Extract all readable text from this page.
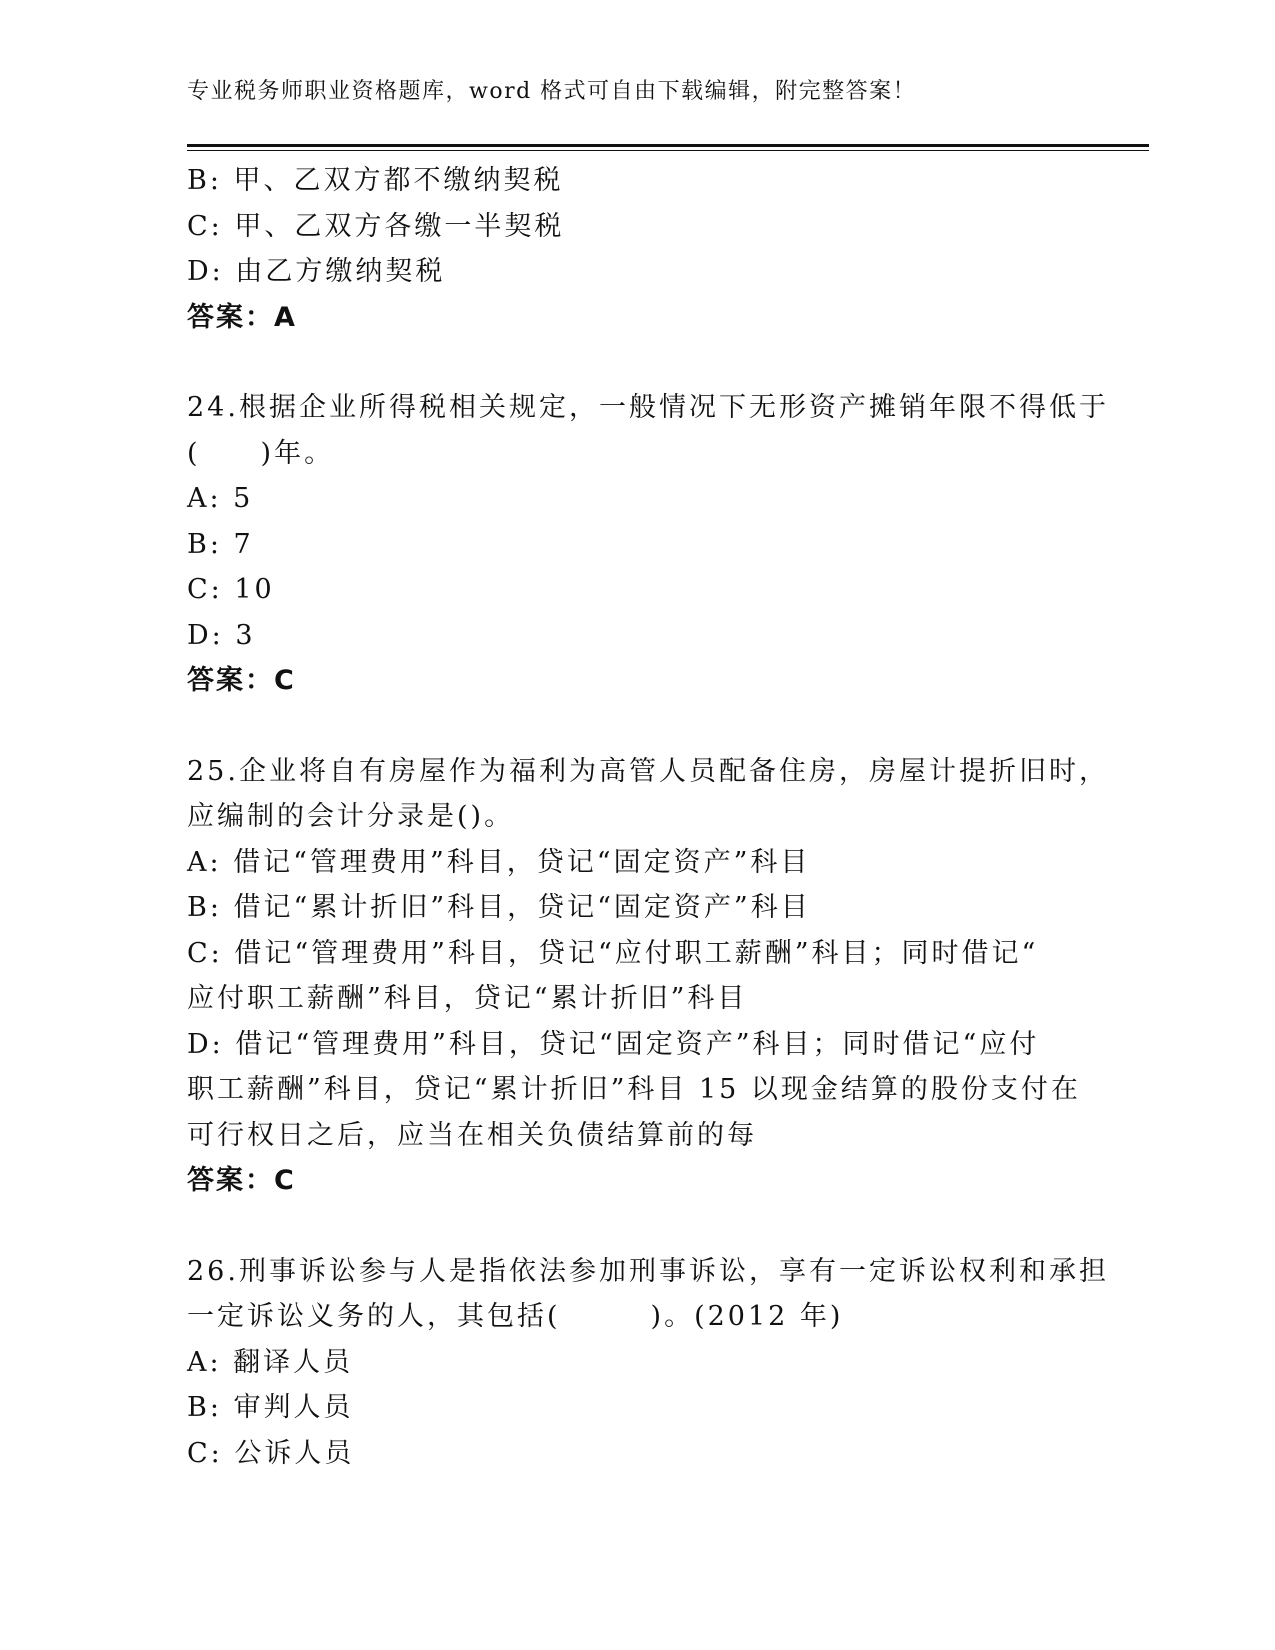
专业税务师职业资格题库，word 格式可自由下载编辑，附完整答案！
B: 甲、乙双方都不缴纳契税
C: 甲、乙双方各缴一半契税
D: 由乙方缴纳契税
答案：A
24.根据企业所得税相关规定，一般情况下无形资产摊销年限不得低于
(　　)年。
A: 5
B: 7
C: 10
D: 3
答案：C
25.企业将自有房屋作为福利为高管人员配备住房，房屋计提折旧时，
应编制的会计分录是()。
A: 借记“管理费用”科目，贷记“固定资产”科目
B: 借记“累计折旧”科目，贷记“固定资产”科目
C: 借记“管理费用”科目，贷记“应付职工薪酬”科目；同时借记“
应付职工薪酬”科目，贷记“累计折旧”科目
D: 借记“管理费用”科目，贷记“固定资产”科目；同时借记“应付
职工薪酬”科目，贷记“累计折旧”科目 15 以现金结算的股份支付在
可行权日之后，应当在相关负债结算前的每
答案：C
26.刑事诉讼参与人是指依法参加刑事诉讼，享有一定诉讼权利和承担
一定诉讼义务的人，其包括(　　　)。(2012 年)
A: 翻译人员
B: 审判人员
C: 公诉人员
